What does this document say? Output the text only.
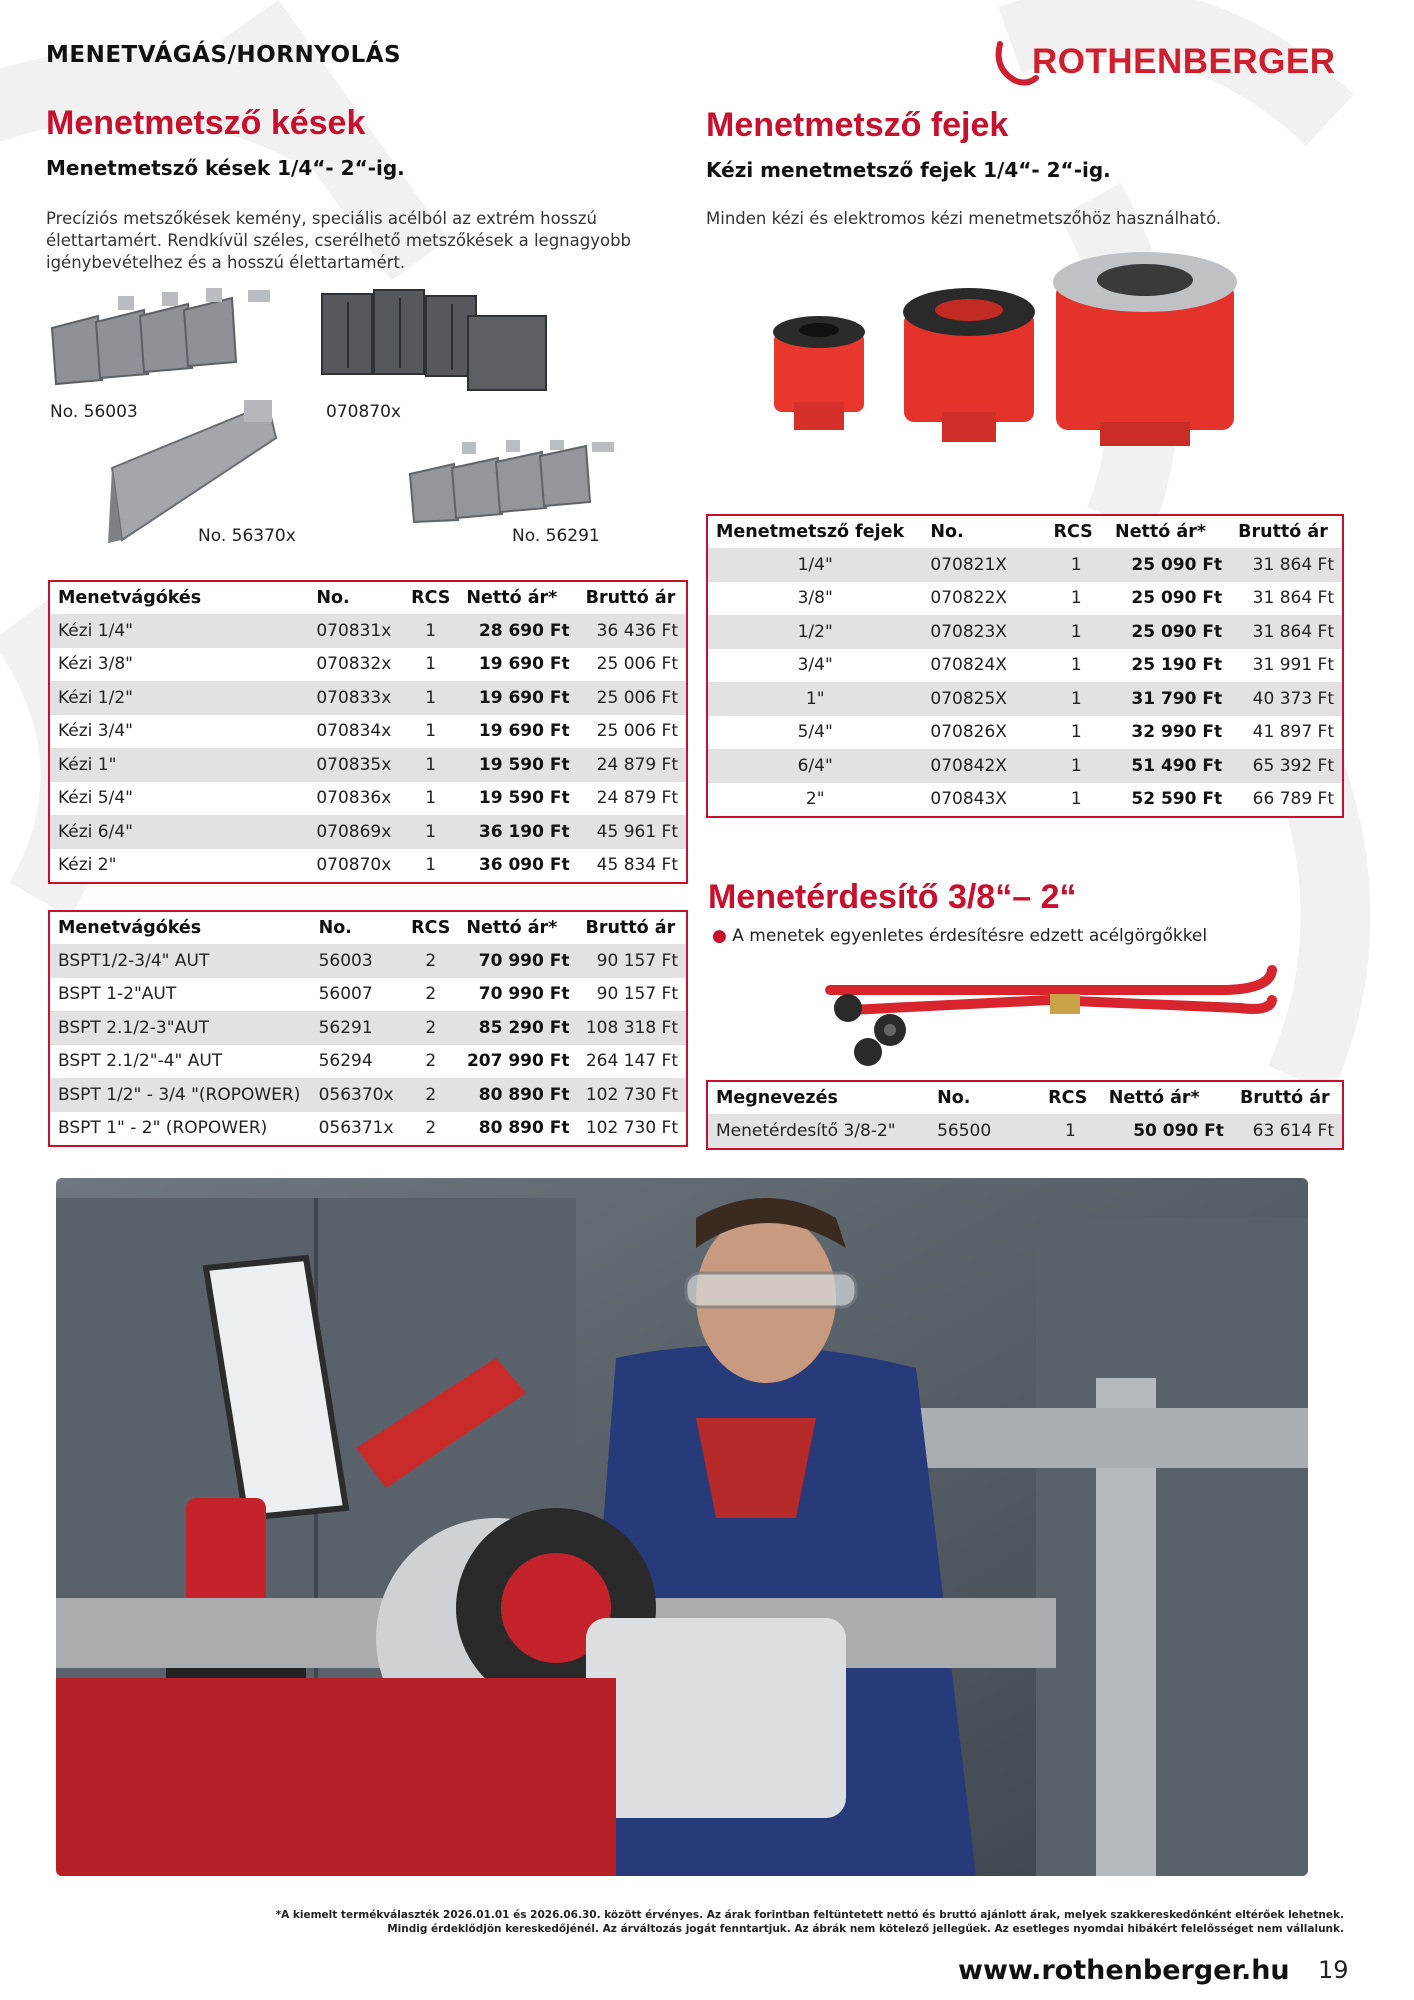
MENETVÁGÁS/HORNYOLÁS	ROTHENBERGER
Menetmetsző kések
Menetmetsző kések 1/4“- 2“-ig.
Precíziós metszőkések kemény, speciális acélból az extrém hosszú
élettartamért. Rendkívül széles, cserélhető metszőkések a legnagyobb
igénybevételhez és a hosszú élettartamért.
Menetmetsző fejek
Kézi menetmetsző fejek 1/4“- 2“-ig.
Minden kézi és elektromos kézi menetmetszőhöz használható.
No. 56003	070870x
No. 56370x	No. 56291
Menetvágókés	No.	RCS	Nettó ár*	Bruttó ár
Kézi 1/4"	070831x	1	28 690 Ft	36 436 Ft
Kézi 3/8"	070832x	1	19 690 Ft	25 006 Ft
Kézi 1/2"	070833x	1	19 690 Ft	25 006 Ft
Kézi 3/4"	070834x	1	19 690 Ft	25 006 Ft
Kézi 1"	070835x	1	19 590 Ft	24 879 Ft
Kézi 5/4"	070836x	1	19 590 Ft	24 879 Ft
Kézi 6/4"	070869x	1	36 190 Ft	45 961 Ft
Kézi 2"	070870x	1	36 090 Ft	45 834 Ft
Menetvágókés	No.	RCS	Nettó ár*	Bruttó ár
BSPT1/2-3/4" AUT	56003	2	70 990 Ft	90 157 Ft
BSPT 1-2"AUT	56007	2	70 990 Ft	90 157 Ft
BSPT 2.1/2-3"AUT	56291	2	85 290 Ft	108 318 Ft
BSPT 2.1/2"-4" AUT	56294	2	207 990 Ft	264 147 Ft
BSPT 1/2" - 3/4 "(ROPOWER)	056370x	2	80 890 Ft	102 730 Ft
BSPT 1" - 2" (ROPOWER)	056371x	2	80 890 Ft	102 730 Ft
Menetmetsző fejek	No.	RCS	Nettó ár*	Bruttó ár
1/4"	070821X	1	25 090 Ft	31 864 Ft
3/8"	070822X	1	25 090 Ft	31 864 Ft
1/2"	070823X	1	25 090 Ft	31 864 Ft
3/4"	070824X	1	25 190 Ft	31 991 Ft
1"	070825X	1	31 790 Ft	40 373 Ft
5/4"	070826X	1	32 990 Ft	41 897 Ft
6/4"	070842X	1	51 490 Ft	65 392 Ft
2"	070843X	1	52 590 Ft	66 789 Ft
Menetérdesítő 3/8“– 2“
● A menetek egyenletes érdesítésre edzett acélgörgőkkel
Megnevezés	No.	RCS	Nettó ár*	Bruttó ár
Menetérdesítő 3/8-2"	56500	1	50 090 Ft	63 614 Ft
*A kiemelt termékválaszték 2026.01.01 és 2026.06.30. között érvényes. Az árak forintban feltüntetett nettó és bruttó ajánlott árak, melyek szakkereskedőnként eltérőek lehetnek.
Mindig érdeklődjön kereskedőjénél. Az árváltozás jogát fenntartjuk. Az ábrák nem kötelező jellegűek. Az esetleges nyomdai hibákért felelősséget nem vállalunk.
www.rothenberger.hu 19
